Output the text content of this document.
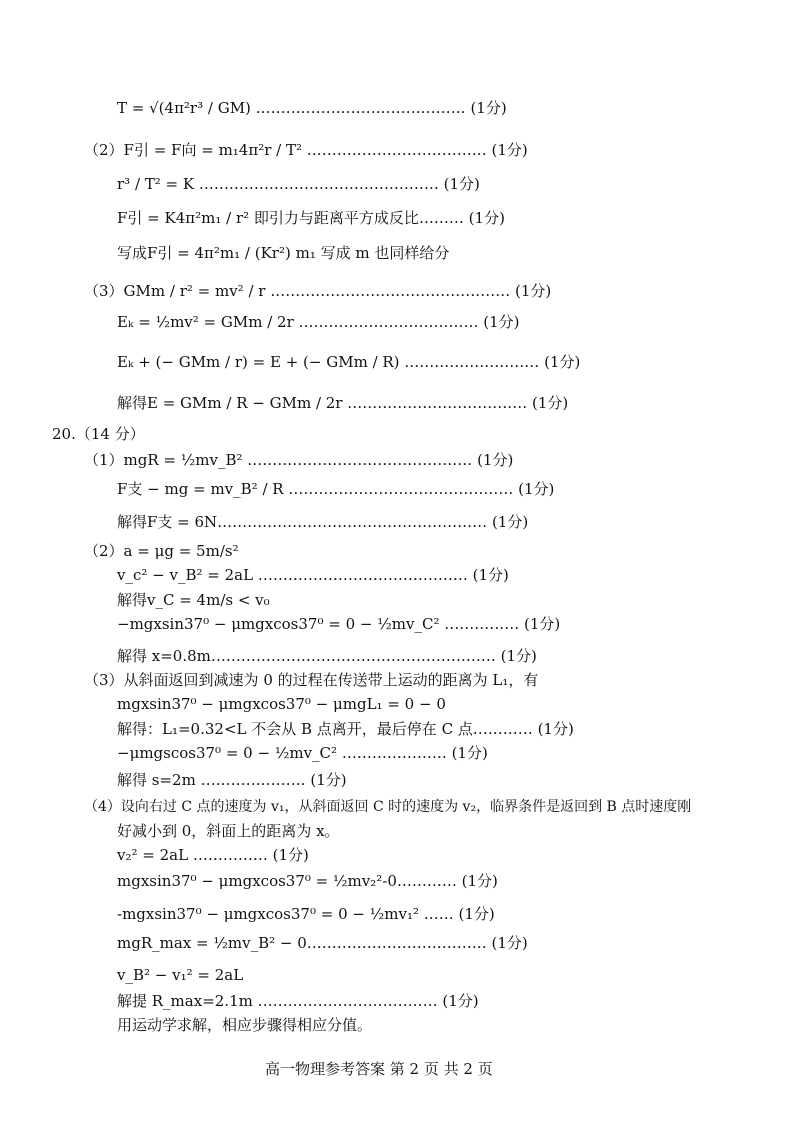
T = √(4π²r³ / GM) …………………………………… (1分)
（2）F引 = F向 = m₁4π²r / T² ……………………………… (1分)
r³ / T² = K ………………………………………… (1分)
F引 = K4π²m₁ / r² 即引力与距离平方成反比……… (1分)
写成F引 = 4π²m₁ / (Kr²) m₁ 写成 m 也同样给分
（3）GMm / r² = mv² / r ………………………………………… (1分)
Eₖ = ½mv² = GMm / 2r ……………………………… (1分)
Eₖ + (− GMm / r) = E + (− GMm / R) ……………………… (1分)
解得E = GMm / R − GMm / 2r ……………………………… (1分)
20.（14 分）
（1）mgR = ½mv_B² ……………………………………… (1分)
F支 − mg = mv_B² / R ……………………………………… (1分)
解得F支 = 6N……………………………………………… (1分)
（2）a = μg = 5m/s²
v_c² − v_B² = 2aL …………………………………… (1分)
解得v_C = 4m/s < v₀
−mgxsin37⁰ − μmgxcos37⁰ = 0 − ½mv_C² …………… (1分)
解得 x=0.8m………………………………………………… (1分)
（3）从斜面返回到减速为 0 的过程在传送带上运动的距离为 L₁，有
mgxsin37⁰ − μmgxcos37⁰ − μmgL₁ = 0 − 0
解得：L₁=0.32<L 不会从 B 点离开，最后停在 C 点………… (1分)
−μmgscos37⁰ = 0 − ½mv_C² ………………… (1分)
解得 s=2m ………………… (1分)
（4）设向右过 C 点的速度为 v₁，从斜面返回 C 时的速度为 v₂，临界条件是返回到 B 点时速度刚
好减小到 0，斜面上的距离为 x。
v₂² = 2aL …………… (1分)
mgxsin37⁰ − μmgxcos37⁰ = ½mv₂²-0………… (1分)
-mgxsin37⁰ − μmgxcos37⁰ = 0 − ½mv₁² …… (1分)
mgR_max = ½mv_B² − 0……………………………… (1分)
v_B² − v₁² = 2aL
解提 R_max=2.1m ……………………………… (1分)
用运动学求解，相应步骤得相应分值。
高一物理参考答案 第 2 页 共 2 页
